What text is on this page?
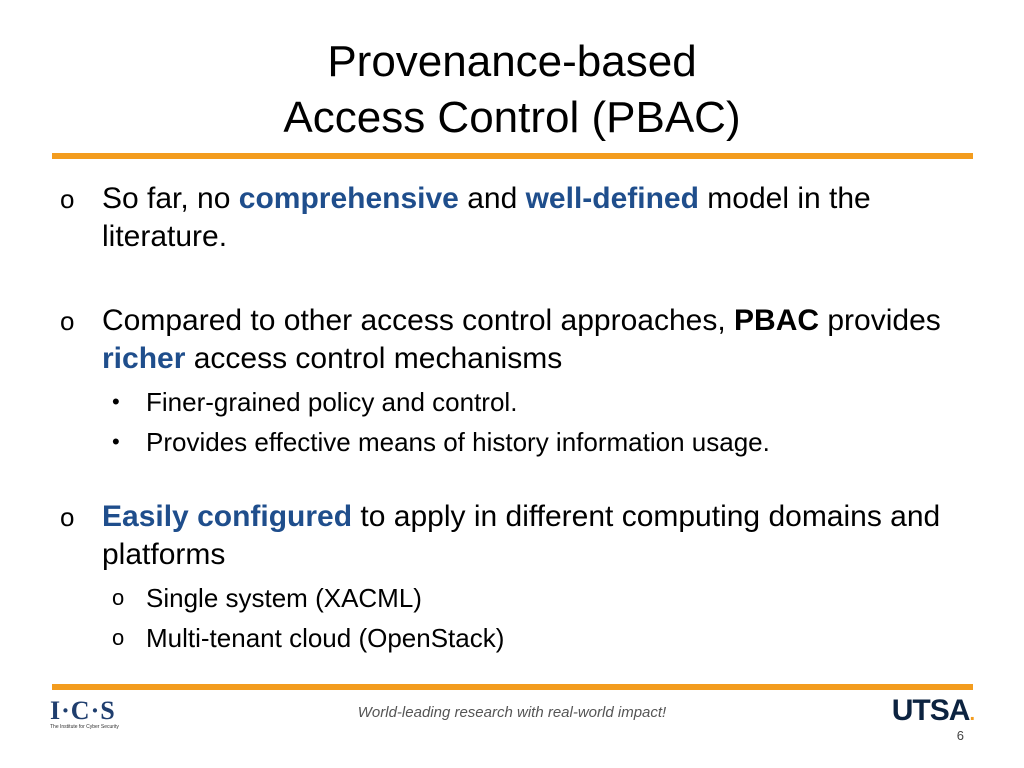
Provenance-based
Access Control (PBAC)
o So far, no comprehensive and well-defined model in the literature.
o Compared to other access control approaches, PBAC provides richer access control mechanisms
• Finer-grained policy and control.
• Provides effective means of history information usage.
o Easily configured to apply in different computing domains and platforms
o Single system (XACML)
o Multi-tenant cloud (OpenStack)
I·C·S
The Institute for Cyber Security
World-leading research with real-world impact!	UTSA.
6
